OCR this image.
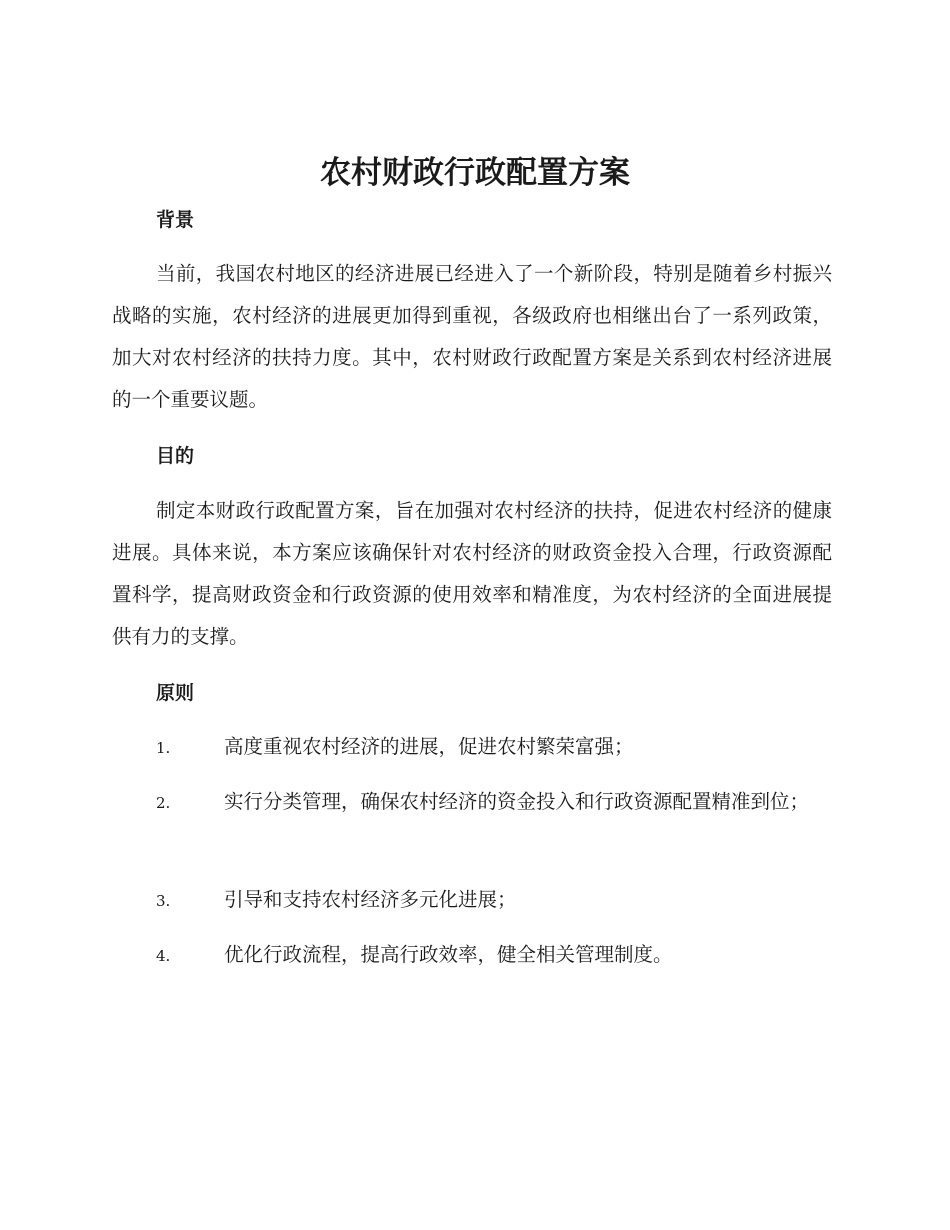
农村财政行政配置方案
背景

当前，我国农村地区的经济进展已经进入了一个新阶段，特别是随着乡村振兴战略的实施，农村经济的进展更加得到重视，各级政府也相继出台了一系列政策，加大对农村经济的扶持力度。其中，农村财政行政配置方案是关系到农村经济进展的一个重要议题。

目的

制定本财政行政配置方案，旨在加强对农村经济的扶持，促进农村经济的健康进展。具体来说，本方案应该确保针对农村经济的财政资金投入合理，行政资源配置科学，提高财政资金和行政资源的使用效率和精准度，为农村经济的全面进展提供有力的支撑。

原则

1.	高度重视农村经济的进展，促进农村繁荣富强；

2.	实行分类管理，确保农村经济的资金投入和行政资源配置精准到位；

3.	引导和支持农村经济多元化进展；

4.	优化行政流程，提高行政效率，健全相关管理制度。
